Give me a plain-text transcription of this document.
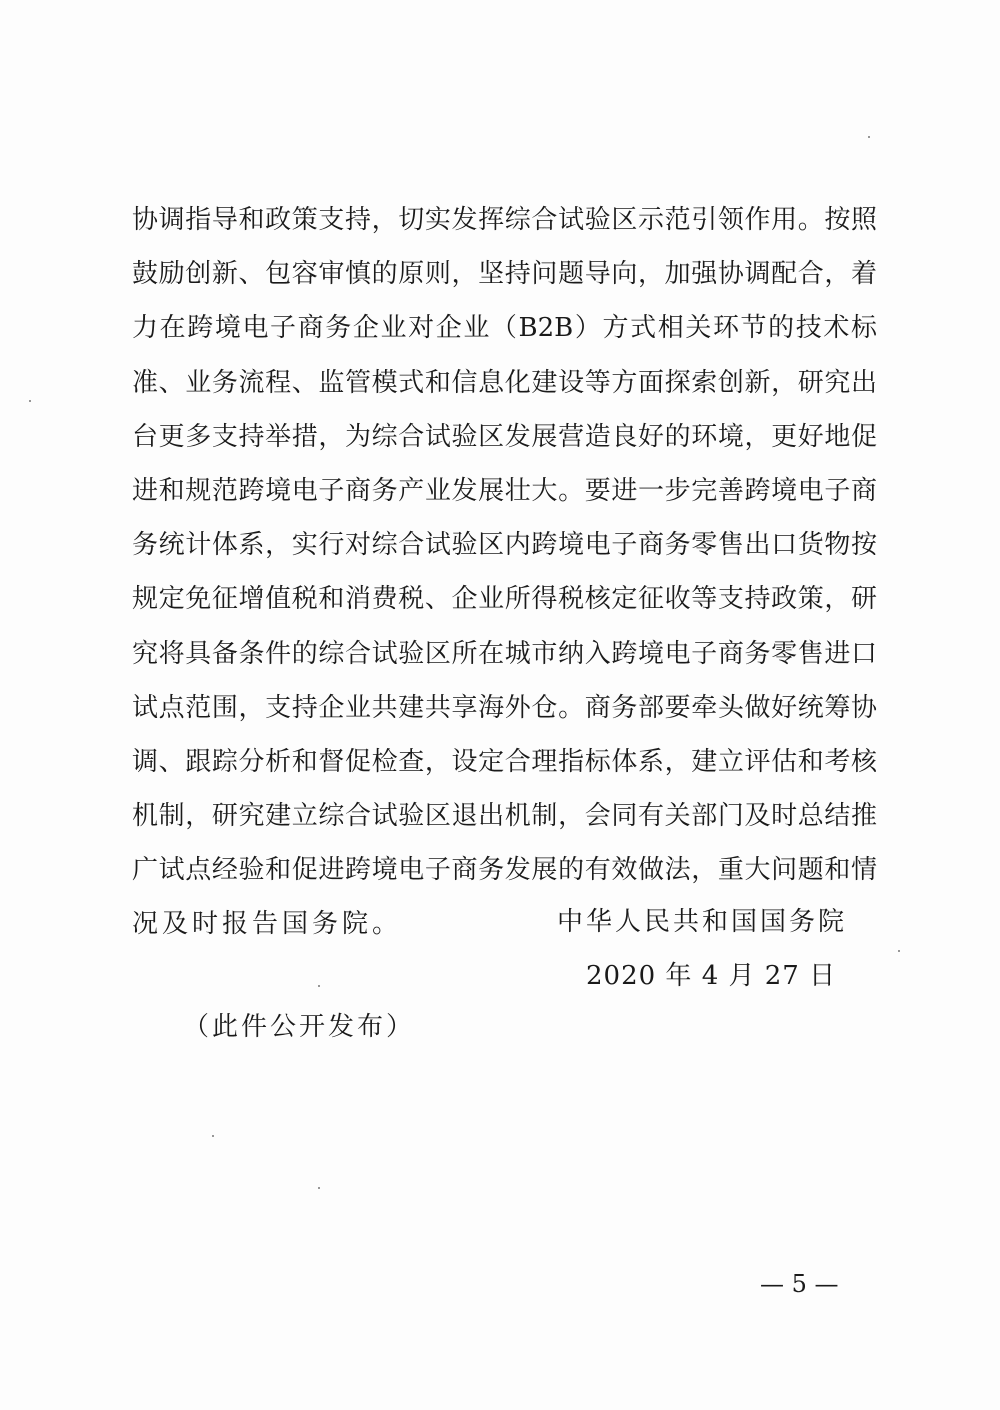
协调指导和政策支持，切实发挥综合试验区示范引领作用。按照
鼓励创新、包容审慎的原则，坚持问题导向，加强协调配合，着
力在跨境电子商务企业对企业（B2B）方式相关环节的技术标
准、业务流程、监管模式和信息化建设等方面探索创新，研究出
台更多支持举措，为综合试验区发展营造良好的环境，更好地促
进和规范跨境电子商务产业发展壮大。要进一步完善跨境电子商
务统计体系，实行对综合试验区内跨境电子商务零售出口货物按
规定免征增值税和消费税、企业所得税核定征收等支持政策，研
究将具备条件的综合试验区所在城市纳入跨境电子商务零售进口
试点范围，支持企业共建共享海外仓。商务部要牵头做好统筹协
调、跟踪分析和督促检查，设定合理指标体系，建立评估和考核
机制，研究建立综合试验区退出机制，会同有关部门及时总结推
广试点经验和促进跨境电子商务发展的有效做法，重大问题和情
况及时报告国务院。	中华人民共和国国务院
2020 年 4 月 27 日
（此件公开发布）
— 5 —
